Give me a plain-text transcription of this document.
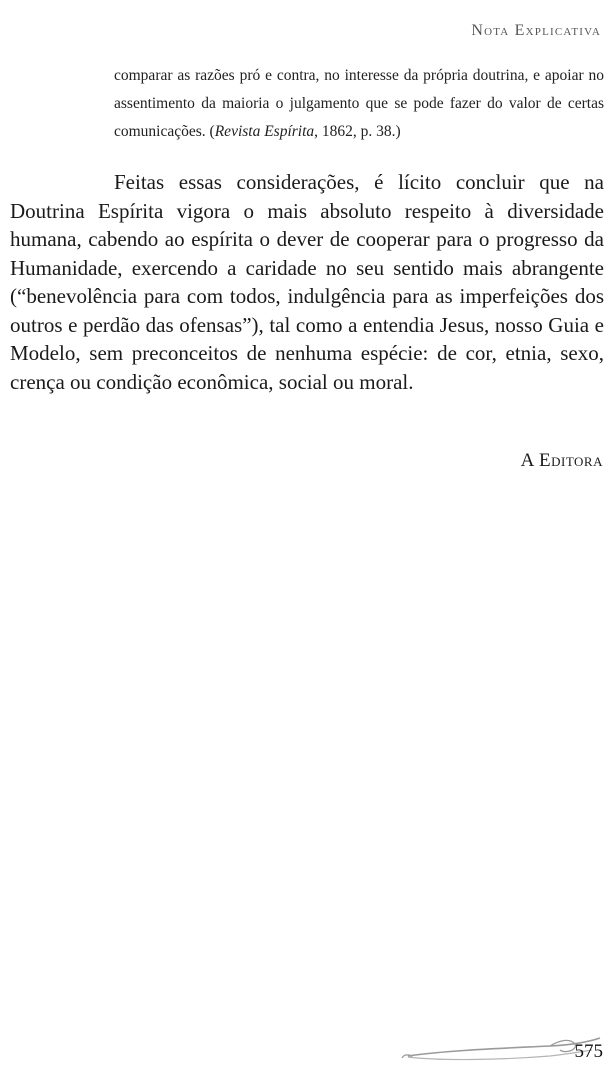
Nota Explicativa

comparar as razões pró e contra, no interesse da própria doutrina, e apoiar no assentimento da maioria o julgamento que se pode fazer do valor de certas comunicações. (Revista Espírita, 1862, p. 38.)

Feitas essas considerações, é lícito concluir que na Doutrina Espírita vigora o mais absoluto respeito à diversidade humana, cabendo ao espírita o dever de cooperar para o progresso da Humanidade, exercendo a caridade no seu sentido mais abrangente (“benevolência para com todos, indulgência para as imperfeições dos outros e perdão das ofensas”), tal como a entendia Jesus, nosso Guia e Modelo, sem preconceitos de nenhuma espécie: de cor, etnia, sexo, crença ou condição econômica, social ou moral.

A Editora
575
